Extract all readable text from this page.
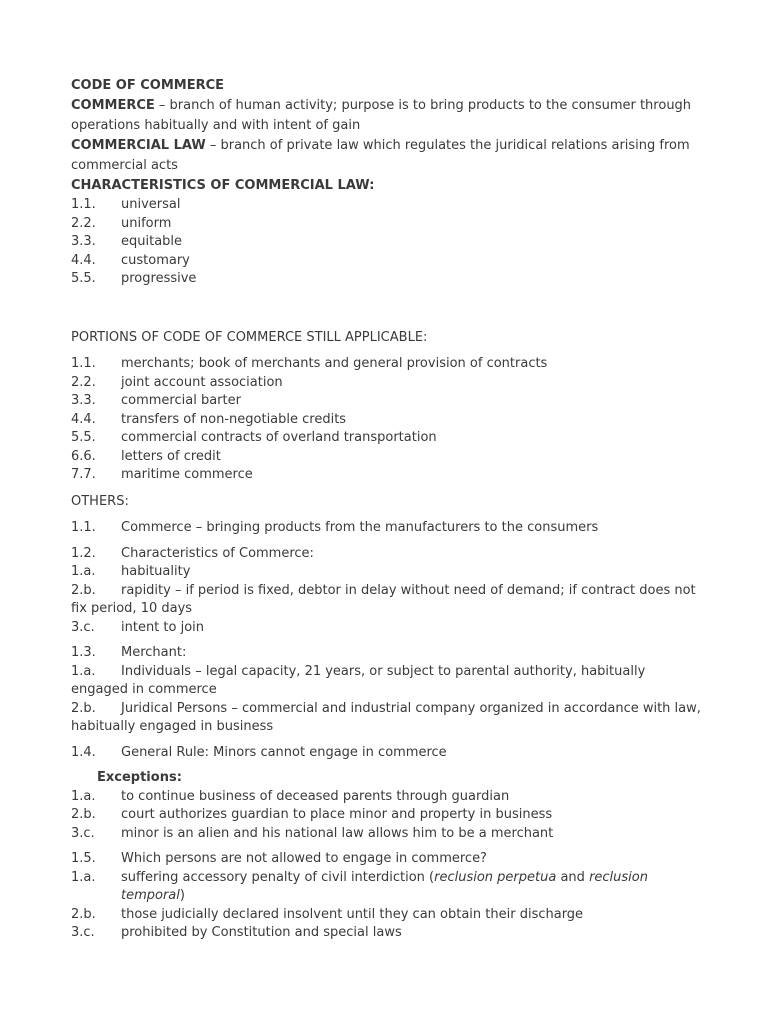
CODE OF COMMERCE

COMMERCE – branch of human activity; purpose is to bring products to the consumer through operations habitually and with intent of gain

COMMERCIAL LAW – branch of private law which regulates the juridical relations arising from commercial acts

CHARACTERISTICS OF COMMERCIAL LAW:

1.1.	universal
2.2.	uniform
3.3.	equitable
4.4.	customary
5.5.	progressive

PORTIONS OF CODE OF COMMERCE STILL APPLICABLE:

1.1.	merchants; book of merchants and general provision of contracts
2.2.	joint account association
3.3.	commercial barter
4.4.	transfers of non-negotiable credits
5.5.	commercial contracts of overland transportation
6.6.	letters of credit
7.7.	maritime commerce

OTHERS:

1.1.	Commerce – bringing products from the manufacturers to the consumers
1.2.	Characteristics of Commerce:
1.a.	habituality

2.b. rapidity – if period is fixed, debtor in delay without need of demand; if contract does not fix period, 10 days

3.c.	intent to join
1.3.	Merchant:

1.a. Individuals – legal capacity, 21 years, or subject to parental authority, habitually engaged in commerce

2.b. Juridical Persons – commercial and industrial company organized in accordance with law, habitually engaged in business

1.4.	General Rule: Minors cannot engage in commerce

Exceptions:

1.a.	to continue business of deceased parents through guardian
2.b.	court authorizes guardian to place minor and property in business
3.c.	minor is an alien and his national law allows him to be a merchant
1.5.	Which persons are not allowed to engage in commerce?
1.a.	suffering accessory penalty of civil interdiction (reclusion perpetua and reclusion temporal)
2.b.	those judicially declared insolvent until they can obtain their discharge
3.c.	prohibited by Constitution and special laws
